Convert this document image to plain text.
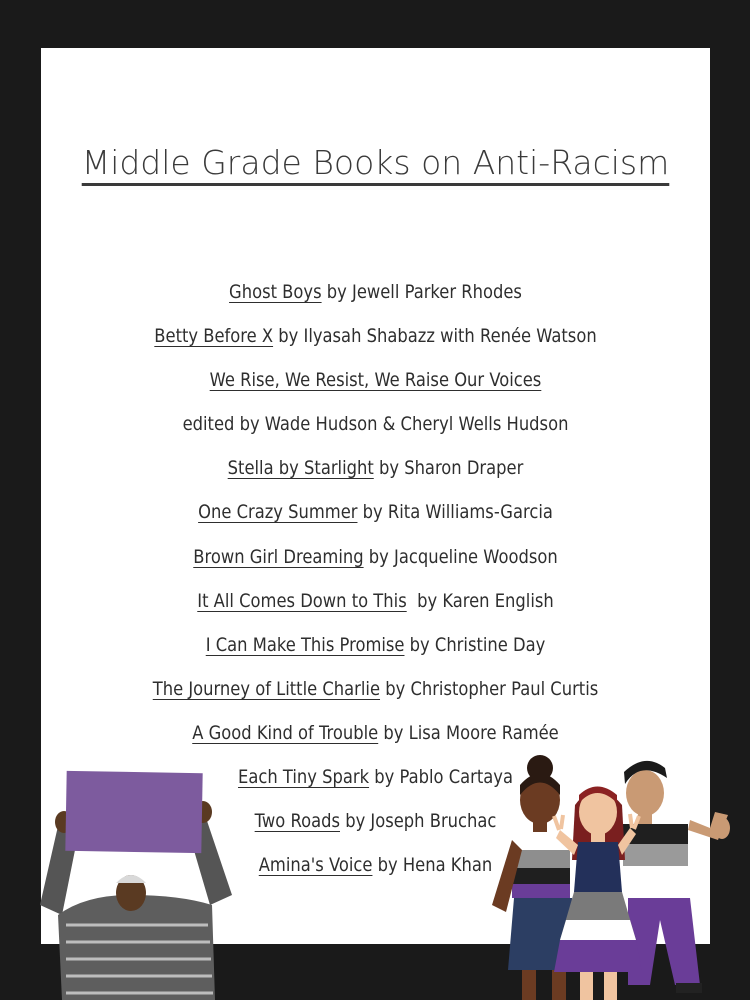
Middle Grade Books on Anti-Racism
Ghost Boys by Jewell Parker Rhodes
Betty Before X by Ilyasah Shabazz with Renée Watson
We Rise, We Resist, We Raise Our Voices
edited by Wade Hudson & Cheryl Wells Hudson
Stella by Starlight by Sharon Draper
One Crazy Summer by Rita Williams-Garcia
Brown Girl Dreaming by Jacqueline Woodson
It All Comes Down to This  by Karen English
I Can Make This Promise by Christine Day
The Journey of Little Charlie by Christopher Paul Curtis
A Good Kind of Trouble by Lisa Moore Ramée
Each Tiny Spark by Pablo Cartaya
Two Roads by Joseph Bruchac
Amina's Voice by Hena Khan
